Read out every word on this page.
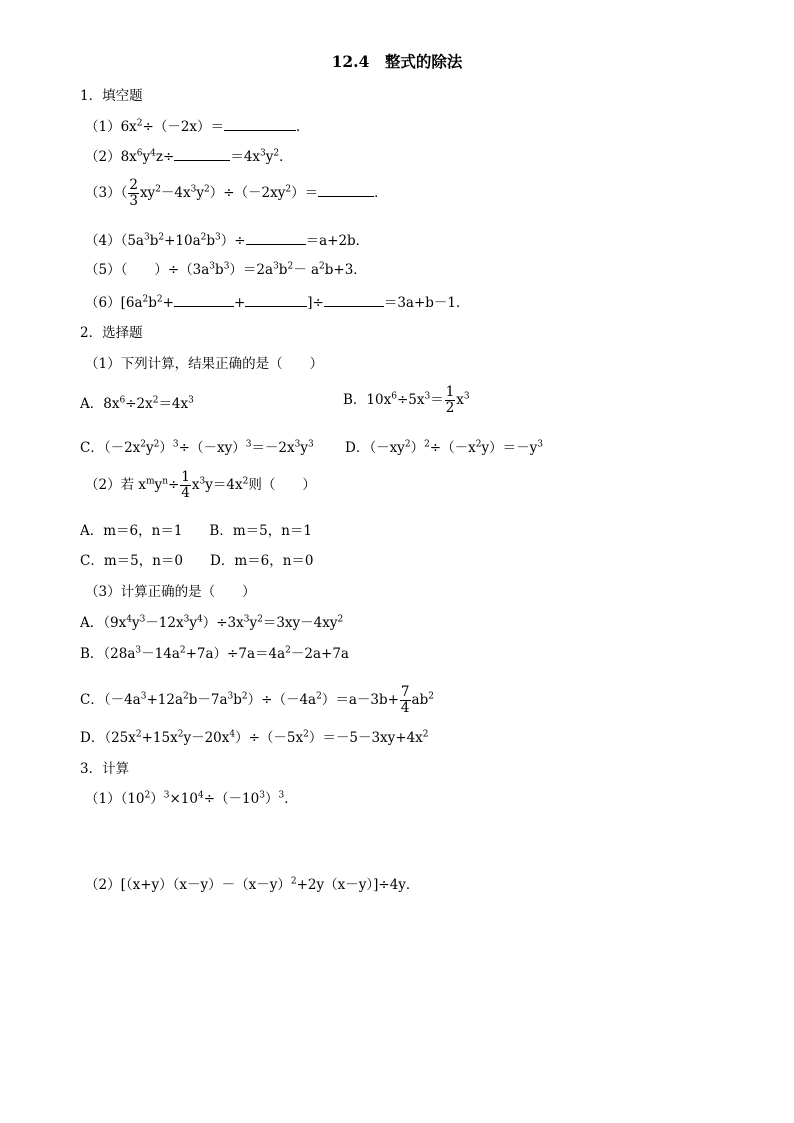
12.4　整式的除法
1．填空题
$(1)6x^2\div(-2x)=$	．
$(2)8x^6y^4z\div$	$=4x^3y^2$．
$(3)( \frac{2}{3} xy^2-4x^3y^2)\div(-2xy^2)=$	．
$(4)(5a^3b^2+10a^2b^3)\div$	＝a+2b．
（5）（　　）$\div(3a^3b^3)=2a^3b^2- a^2b+3$．
$(6)[6a^2b^2+$	+	]÷	＝3a+b－1．
2．选择题
（1）下列计算，结果正确的是（　　）
A．$8x^6\div 2x^2=4x^3$	B．$10x^6\div 5x^3= \frac{1}{2} x^3$
C．$(-2x^2y^2)^3\div(-xy)^3=-2x^3y^3$ D．$(-xy^2)^2\div(-x^2y)=-y^3$
（2）若 $x^my^n\div \frac{1}{4} x^3y=4x^2$则（　　）
A．m＝6，n＝1　　B．m＝5，n＝1
C．m＝5，n＝0　　D．m＝6，n＝0
（3）计算正确的是（　　）
A．$(9x^4y^3-12x^3y^4)\div 3x^3y^2=3xy-4xy^2$
B．$(28a^3-14a^2+7a)\div 7a=4a^2-2a+7a$
C．$(-4a^3+12a^2b-7a^3b^2)\div(-4a^2)=a-3b+ \frac{7}{4} ab^2$
D．$(25x^2+15x^2y-20x^4)\div(-5x^2)=-5-3xy+4x^2$
3．计算
$(1)(10^2)^3\times 10^4\div(-10^3)^3$．
$(2)[(x+y)(x-y)-(x-y)^2+2y(x-y)]\div 4y$．
